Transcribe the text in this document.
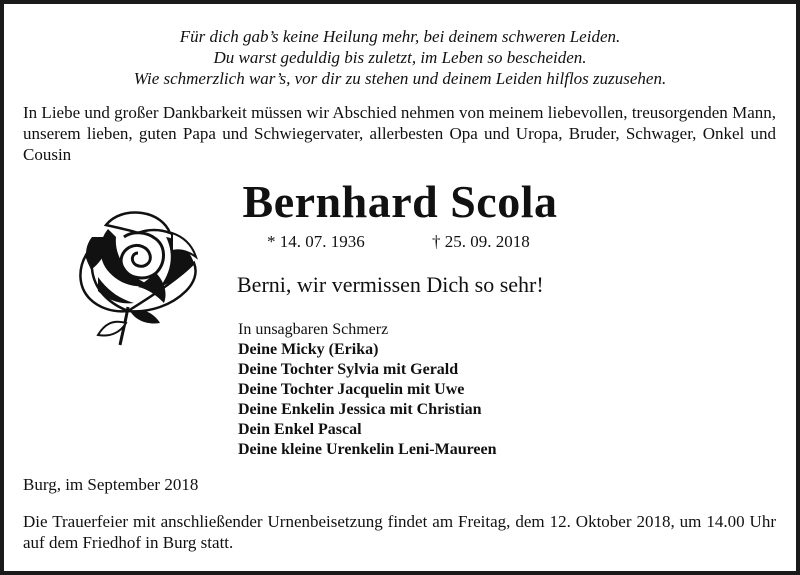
Für dich gab’s keine Heilung mehr, bei deinem schweren Leiden.
Du warst geduldig bis zuletzt, im Leben so bescheiden.
Wie schmerzlich war’s, vor dir zu stehen und deinem Leiden hilflos zuzusehen.
In Liebe und großer Dankbarkeit müssen wir Abschied nehmen von meinem liebevollen, treusorgenden Mann, unserem lieben, guten Papa und Schwiegervater, allerbesten Opa und Uropa, Bruder, Schwager, Onkel und Cousin
Bernhard Scola
* 14. 07. 1936	† 25. 09. 2018
Berni, wir vermissen Dich so sehr!
In unsagbaren Schmerz
Deine Micky (Erika)
Deine Tochter Sylvia mit Gerald
Deine Tochter Jacquelin mit Uwe
Deine Enkelin Jessica mit Christian
Dein Enkel Pascal
Deine kleine Urenkelin Leni-Maureen
Burg, im September 2018
Die Trauerfeier mit anschließender Urnenbeisetzung findet am Freitag, dem 12. Oktober 2018, um 14.00 Uhr auf dem Friedhof in Burg statt.
